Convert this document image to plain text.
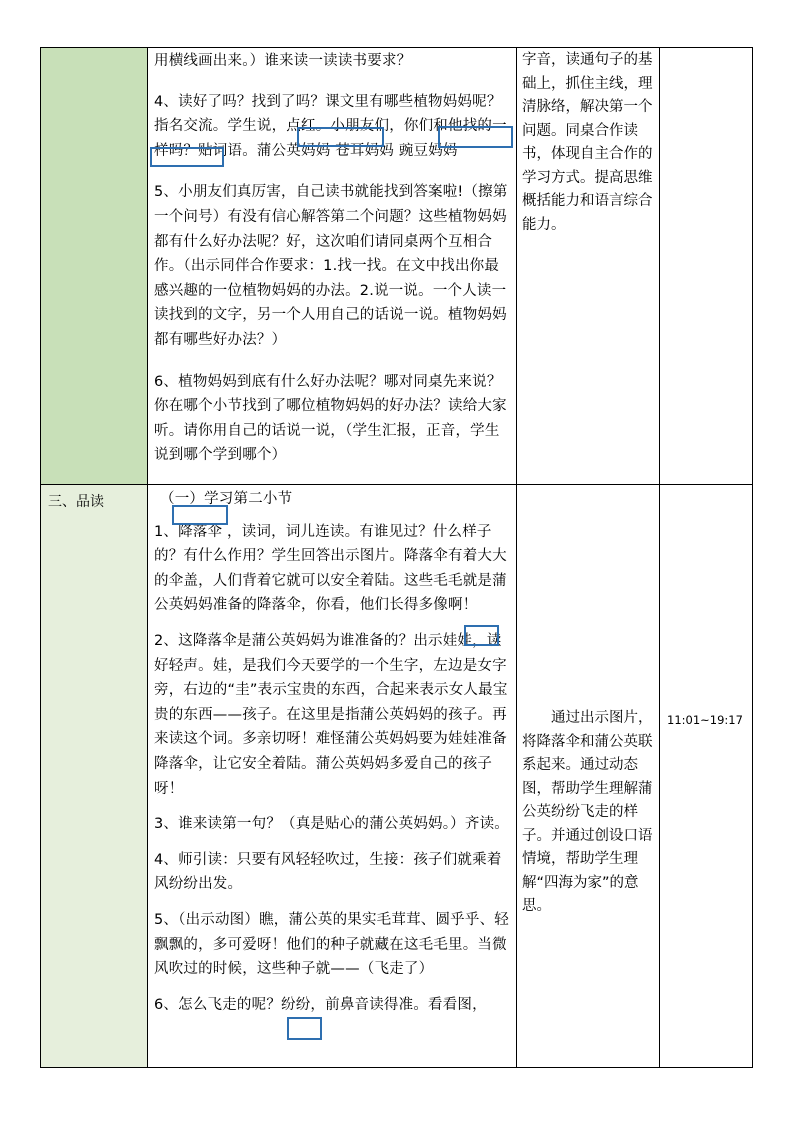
用横线画出来。）谁来读一读读书要求？

4、读好了吗？找到了吗？课文里有哪些植物妈妈呢？指名交流。学生说，点红。小朋友们，你们和他找的一样吗？贴词语。蒲公英妈妈 苍耳妈妈 豌豆妈妈

5、小朋友们真厉害，自己读书就能找到答案啦!（擦第一个问号）有没有信心解答第二个问题？这些植物妈妈都有什么好办法呢？好，这次咱们请同桌两个互相合作。（出示同伴合作要求：1.找一找。在文中找出你最感兴趣的一位植物妈妈的办法。2.说一说。一个人读一读找到的文字，另一个人用自己的话说一说。植物妈妈都有哪些好办法？）

6、植物妈妈到底有什么好办法呢？哪对同桌先来说？你在哪个小节找到了哪位植物妈妈的好办法？读给大家听。请你用自己的话说一说，（学生汇报，正音，学生说到哪个学到哪个）

字音，读通句子的基础上，抓住主线，理清脉络，解决第一个问题。同桌合作读书，体现自主合作的学习方式。提高思维概括能力和语言综合能力。
三、品读	（一）学习第二小节

1、降落伞 ，读词，词儿连读。有谁见过？什么样子的？有什么作用？学生回答出示图片。降落伞有着大大的伞盖，人们背着它就可以安全着陆。这些毛毛就是蒲公英妈妈准备的降落伞，你看，他们长得多像啊！

2、这降落伞是蒲公英妈妈为谁准备的？出示娃娃，读好轻声。娃，是我们今天要学的一个生字，左边是女字旁，右边的“圭”表示宝贵的东西，合起来表示女人最宝贵的东西——孩子。在这里是指蒲公英妈妈的孩子。再来读这个词。多亲切呀！难怪蒲公英妈妈要为娃娃准备降落伞，让它安全着陆。蒲公英妈妈多爱自己的孩子呀！

3、谁来读第一句？（真是贴心的蒲公英妈妈。）齐读。

4、师引读：只要有风轻轻吹过，生接：孩子们就乘着风纷纷出发。

5、（出示动图）瞧，蒲公英的果实毛茸茸、圆乎乎、轻飘飘的，多可爱呀！他们的种子就藏在这毛毛里。当微风吹过的时候，这些种子就——（飞走了）

6、怎么飞走的呢？纷纷，前鼻音读得准。看看图，

　　通过出示图片，将降落伞和蒲公英联系起来。通过动态图，帮助学生理解蒲公英纷纷飞走的样子。并通过创设口语情境，帮助学生理解“四海为家”的意思。
11:01~19:17
